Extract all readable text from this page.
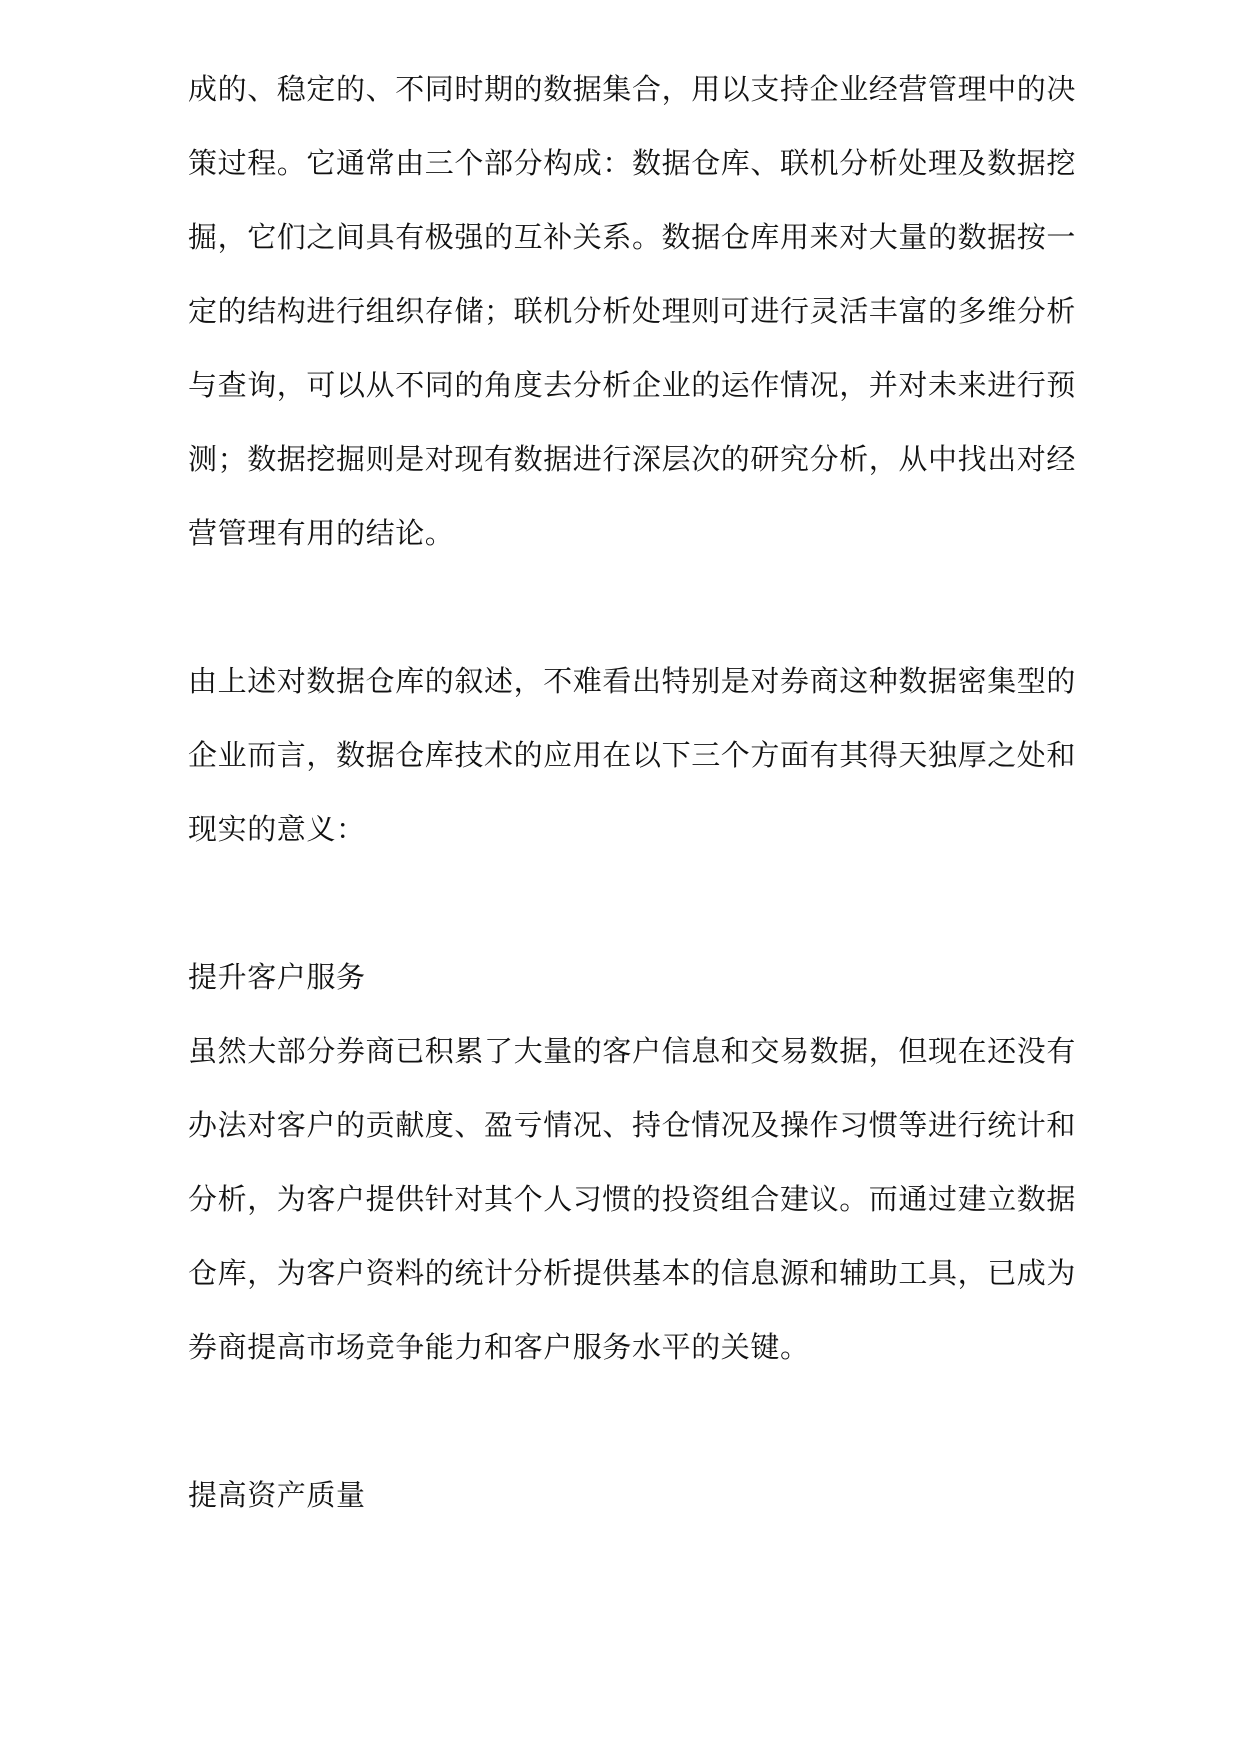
成的、稳定的、不同时期的数据集合，用以支持企业经营管理中的决
策过程。它通常由三个部分构成：数据仓库、联机分析处理及数据挖
掘，它们之间具有极强的互补关系。数据仓库用来对大量的数据按一
定的结构进行组织存储；联机分析处理则可进行灵活丰富的多维分析
与查询，可以从不同的角度去分析企业的运作情况，并对未来进行预
测；数据挖掘则是对现有数据进行深层次的研究分析，从中找出对经
营管理有用的结论。
由上述对数据仓库的叙述，不难看出特别是对券商这种数据密集型的
企业而言，数据仓库技术的应用在以下三个方面有其得天独厚之处和
现实的意义：
提升客户服务
虽然大部分券商已积累了大量的客户信息和交易数据，但现在还没有
办法对客户的贡献度、盈亏情况、持仓情况及操作习惯等进行统计和
分析，为客户提供针对其个人习惯的投资组合建议。而通过建立数据
仓库，为客户资料的统计分析提供基本的信息源和辅助工具，已成为
券商提高市场竞争能力和客户服务水平的关键。
提高资产质量
